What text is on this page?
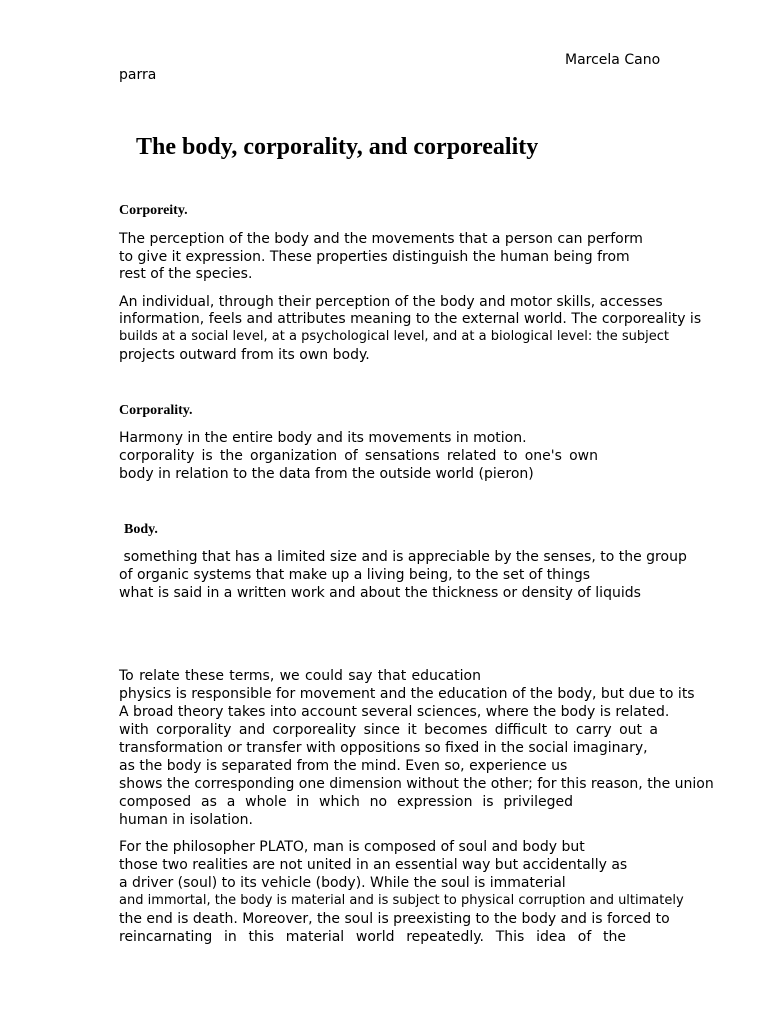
Marcela Cano
parra
The body, corporality, and corporeality
Corporeity.
The perception of the body and the movements that a person can perform
to give it expression. These properties distinguish the human being from
rest of the species.
An individual, through their perception of the body and motor skills, accesses
information, feels and attributes meaning to the external world. The corporeality is
builds at a social level, at a psychological level, and at a biological level: the subject
projects outward from its own body.
Corporality.
Harmony in the entire body and its movements in motion.
corporality is the organization of sensations related to one's own
body in relation to the data from the outside world (pieron)
Body.
something that has a limited size and is appreciable by the senses, to the group
of organic systems that make up a living being, to the set of things
what is said in a written work and about the thickness or density of liquids
To relate these terms, we could say that education
physics is responsible for movement and the education of the body, but due to its
A broad theory takes into account several sciences, where the body is related.
with corporality and corporeality since it becomes difficult to carry out a
transformation or transfer with oppositions so fixed in the social imaginary,
as the body is separated from the mind. Even so, experience us
shows the corresponding one dimension without the other; for this reason, the union
composed as a whole in which no expression is privileged
human in isolation.
For the philosopher PLATO, man is composed of soul and body but
those two realities are not united in an essential way but accidentally as
a driver (soul) to its vehicle (body). While the soul is immaterial
and immortal, the body is material and is subject to physical corruption and ultimately
the end is death. Moreover, the soul is preexisting to the body and is forced to
reincarnating in this material world repeatedly. This idea of the
